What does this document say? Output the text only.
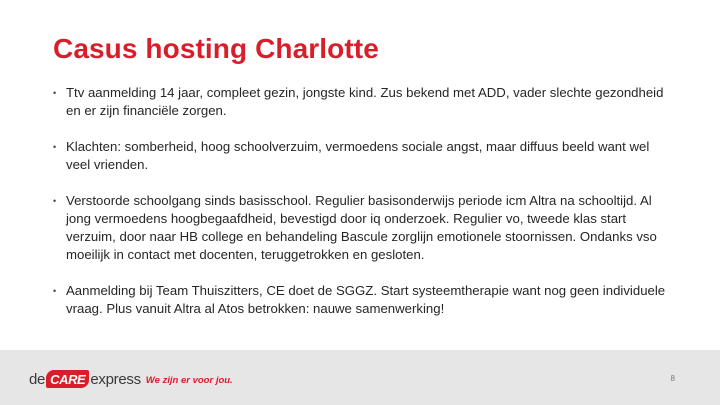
Casus hosting Charlotte
• Ttv aanmelding 14 jaar, compleet gezin, jongste kind. Zus bekend met ADD, vader slechte gezondheid en er zijn financiële zorgen.
• Klachten: somberheid, hoog schoolverzuim, vermoedens sociale angst, maar diffuus beeld want wel veel vrienden.
• Verstoorde schoolgang sinds basisschool. Regulier basisonderwijs periode icm Altra na schooltijd. Al jong vermoedens hoogbegaafdheid, bevestigd door iq onderzoek. Regulier vo, tweede klas start verzuim, door naar HB college en behandeling Bascule zorglijn emotionele stoornissen. Ondanks vso moeilijk in contact met docenten, teruggetrokken en gesloten.
• Aanmelding bij Team Thuiszitters, CE doet de SGGZ. Start systeemtherapie want nog geen individuele vraag. Plus vanuit Altra al Atos betrokken: nauwe samenwerking!
de CARE express We zijn er voor jou.	8
